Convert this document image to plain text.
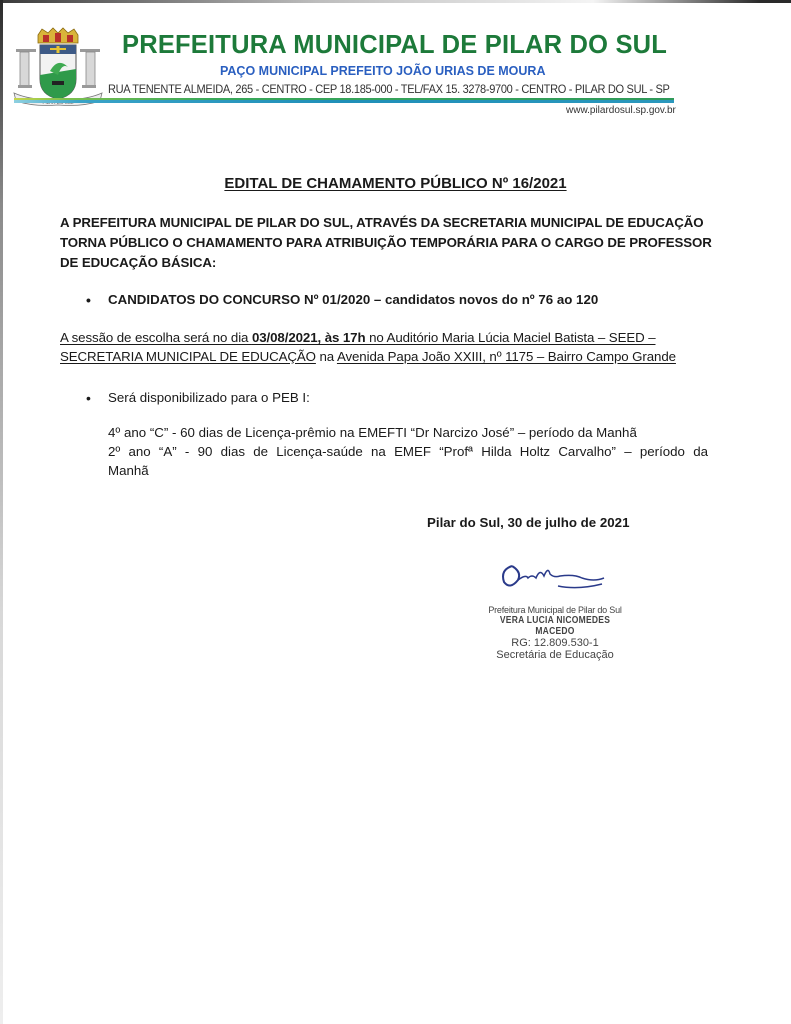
PREFEITURA MUNICIPAL DE PILAR DO SUL
PAÇO MUNICIPAL PREFEITO JOÃO URIAS DE MOURA
RUA TENENTE ALMEIDA, 265 - CENTRO - CEP 18.185-000 - TEL/FAX 15. 3278-9700 - CENTRO - PILAR DO SUL - SP
www.pilardosul.sp.gov.br
EDITAL DE CHAMAMENTO PÚBLICO Nº 16/2021
A PREFEITURA MUNICIPAL DE PILAR DO SUL, ATRAVÉS DA SECRETARIA MUNICIPAL DE EDUCAÇÃO TORNA PÚBLICO O CHAMAMENTO PARA ATRIBUIÇÃO TEMPORÁRIA PARA O CARGO DE PROFESSOR DE EDUCAÇÃO BÁSICA:
• CANDIDATOS DO CONCURSO Nº 01/2020 – candidatos novos do nº 76 ao 120
A sessão de escolha será no dia 03/08/2021, às 17h no Auditório Maria Lúcia Maciel Batista – SEED – SECRETARIA MUNICIPAL DE EDUCAÇÃO na Avenida Papa João XXIII, nº 1175 – Bairro Campo Grande
• Será disponibilizado para o PEB I:
4º ano “C” - 60 dias de Licença-prêmio na EMEFTI “Dr Narcizo José” – período da Manhã
2º ano “A” - 90 dias de Licença-saúde na EMEF “Profª Hilda Holtz Carvalho” – período da
Manhã
Pilar do Sul, 30 de julho de 2021
Prefeitura Municipal de Pilar do Sul
VERA LUCIA NICOMEDES MACEDO
RG: 12.809.530-1
Secretária de Educação
